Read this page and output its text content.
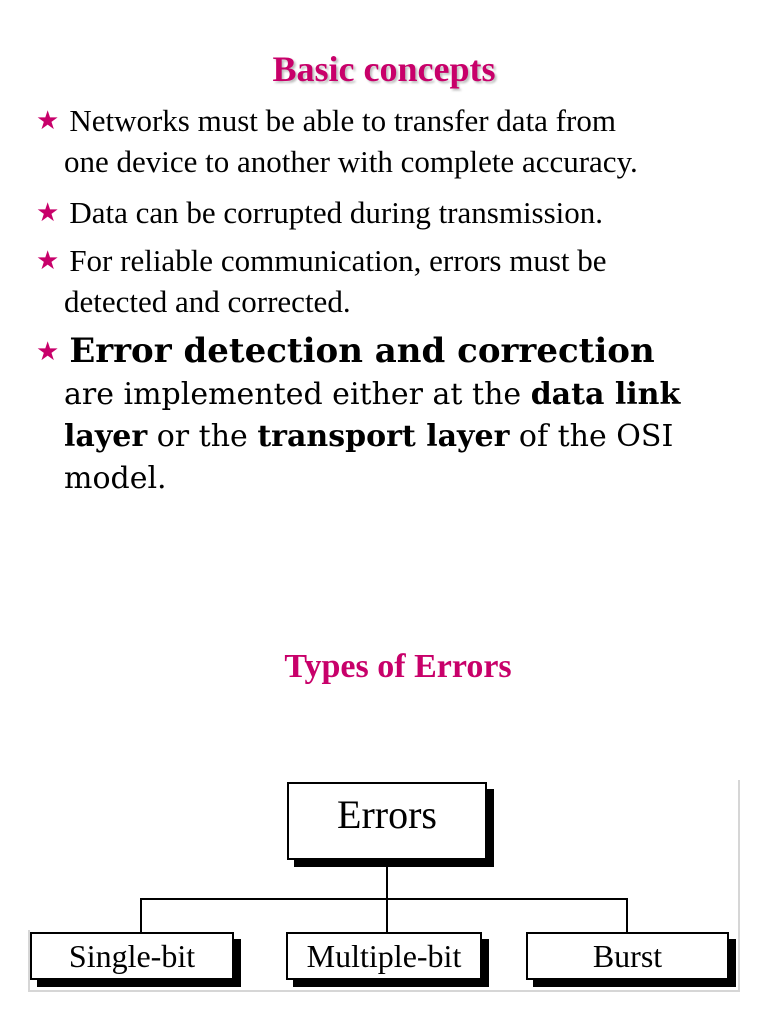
Basic concepts
★ Networks must be able to transfer data from
one device to another with complete accuracy.
★ Data can be corrupted during transmission.
★ For reliable communication, errors must be
detected and corrected.
★ Error detection and correction
are implemented either at the data link
layer or the transport layer of the OSI
model.
Types of Errors
Errors
Single-bit	Multiple-bit	Burst
